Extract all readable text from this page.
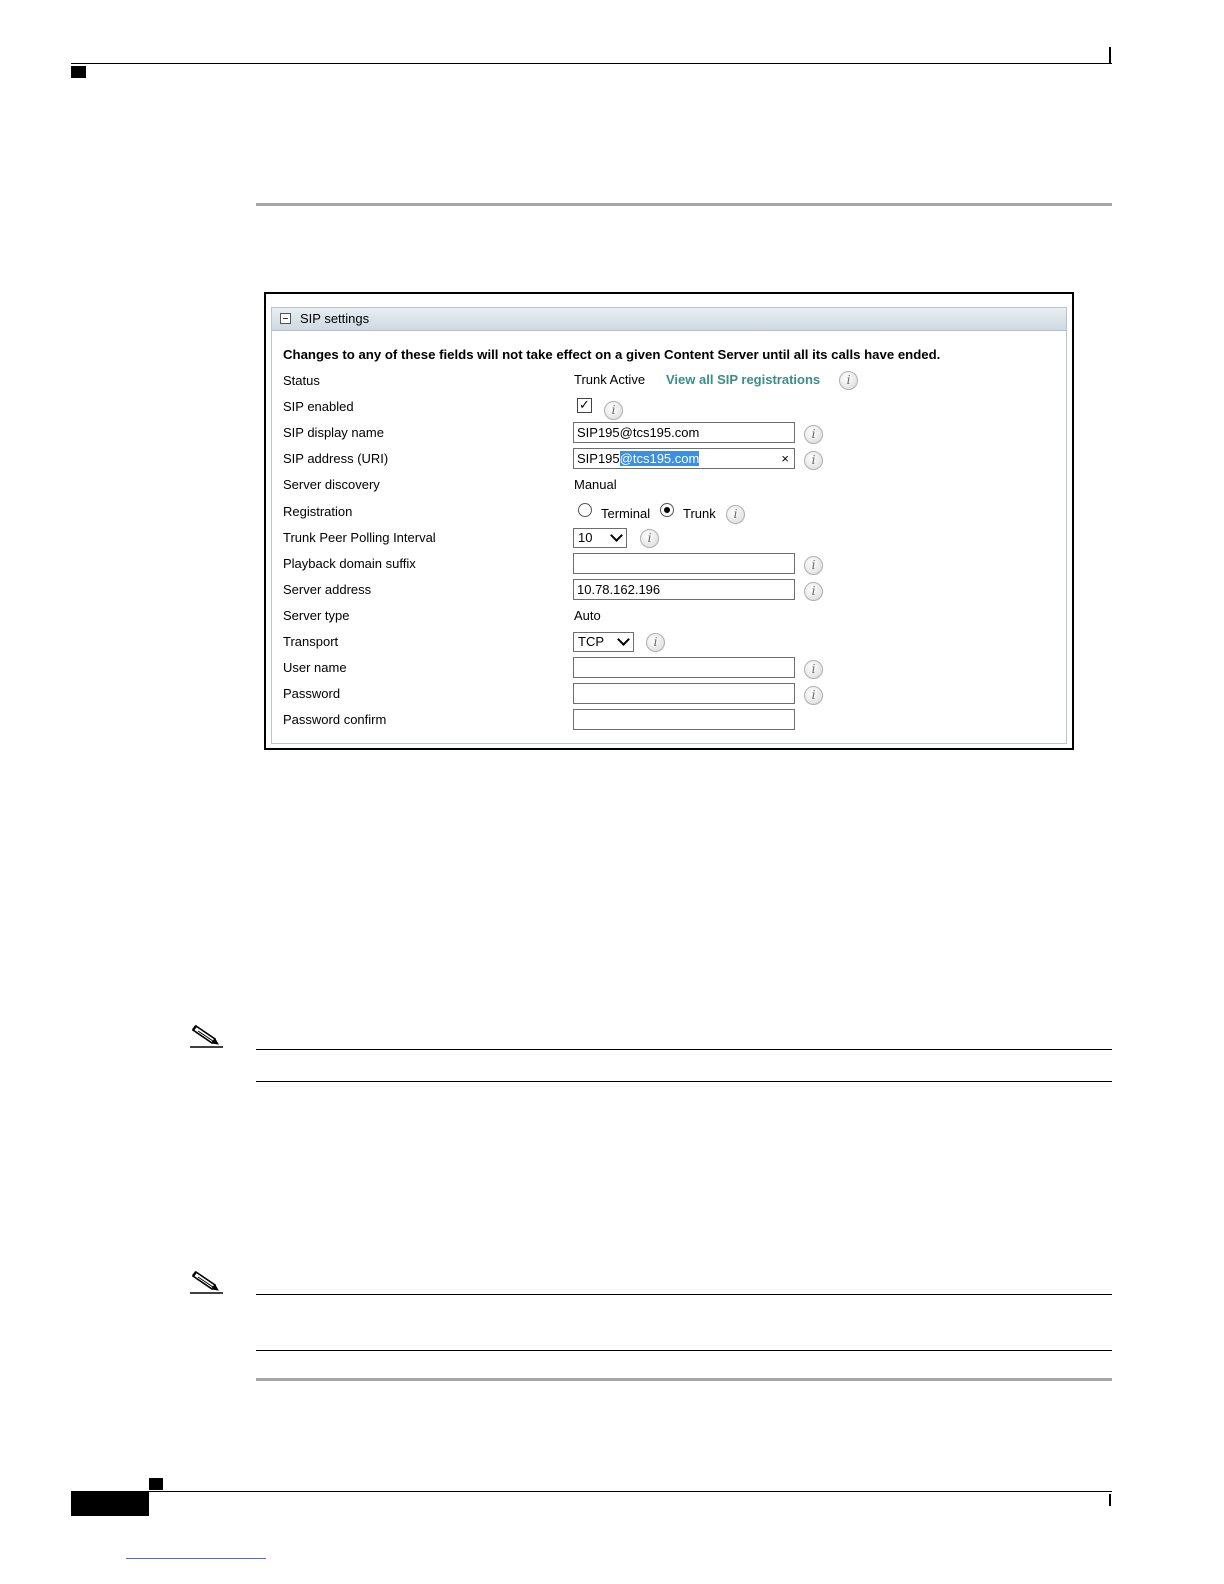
SIP settings
Changes to any of these fields will not take effect on a given Content Server until all its calls have ended.
Status	Trunk Active View all SIP registrations	i
SIP enabled	✓	i
SIP display name	SIP195@tcs195.com	i
SIP address (URI)	SIP195@tcs195.com	×	i
Server discovery	Manual
Registration	Terminal	Trunk	i
Trunk Peer Polling Interval	10	i
Playback domain suffix	i
Server address	10.78.162.196	i
Server type	Auto
Transport	TCP	i
User name	i
Password	i
Password confirm
